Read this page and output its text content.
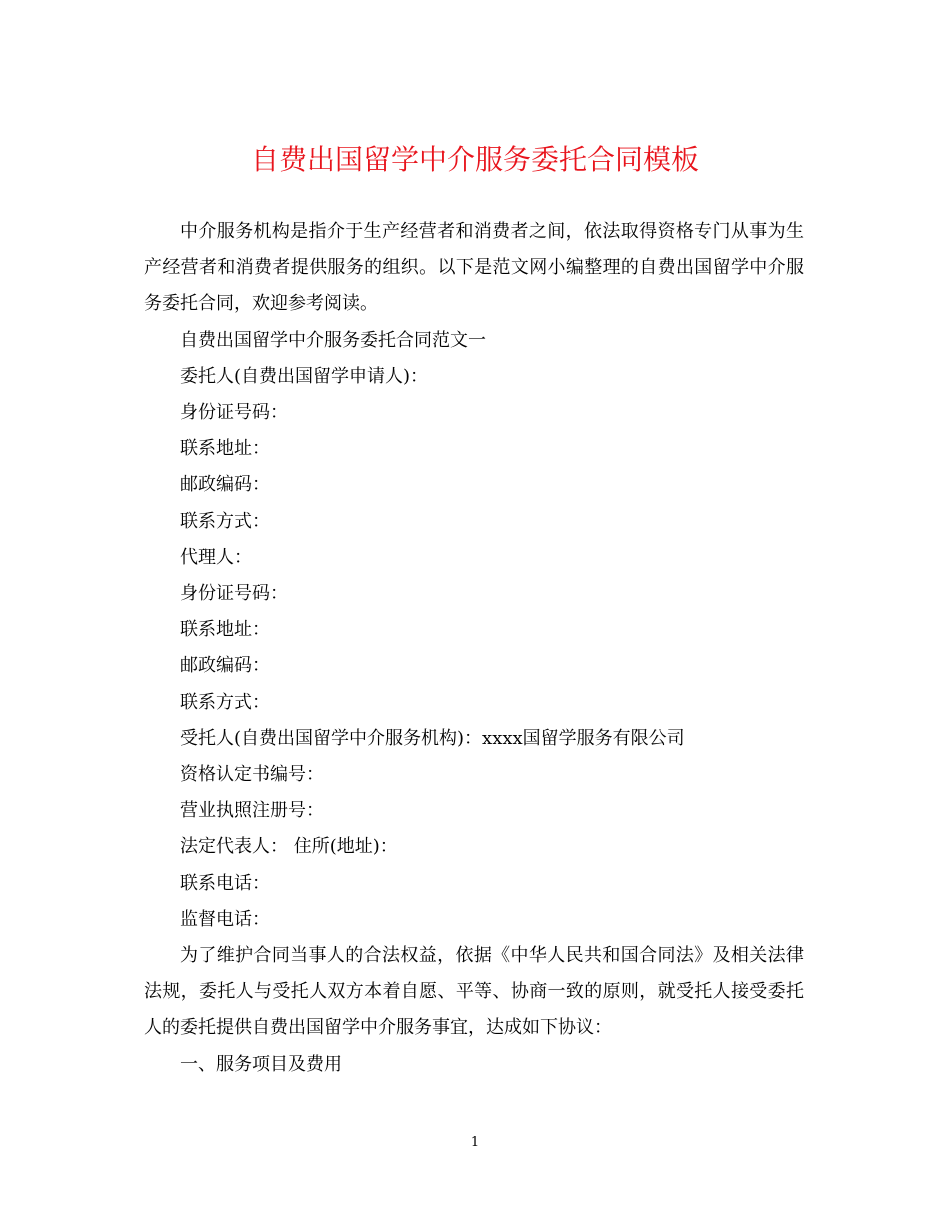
自费出国留学中介服务委托合同模板

中介服务机构是指介于生产经营者和消费者之间，依法取得资格专门从事为生产经营者和消费者提供服务的组织。以下是范文网小编整理的自费出国留学中介服务委托合同，欢迎参考阅读。

自费出国留学中介服务委托合同范文一

委托人(自费出国留学申请人)：

身份证号码：

联系地址：

邮政编码：

联系方式：

代理人：

身份证号码：

联系地址：

邮政编码：

联系方式：

受托人(自费出国留学中介服务机构)：xxxx国留学服务有限公司

资格认定书编号：

营业执照注册号：

法定代表人： 住所(地址)：

联系电话：

监督电话：

为了维护合同当事人的合法权益，依据《中华人民共和国合同法》及相关法律法规，委托人与受托人双方本着自愿、平等、协商一致的原则，就受托人接受委托人的委托提供自费出国留学中介服务事宜，达成如下协议：

一、服务项目及费用

1
